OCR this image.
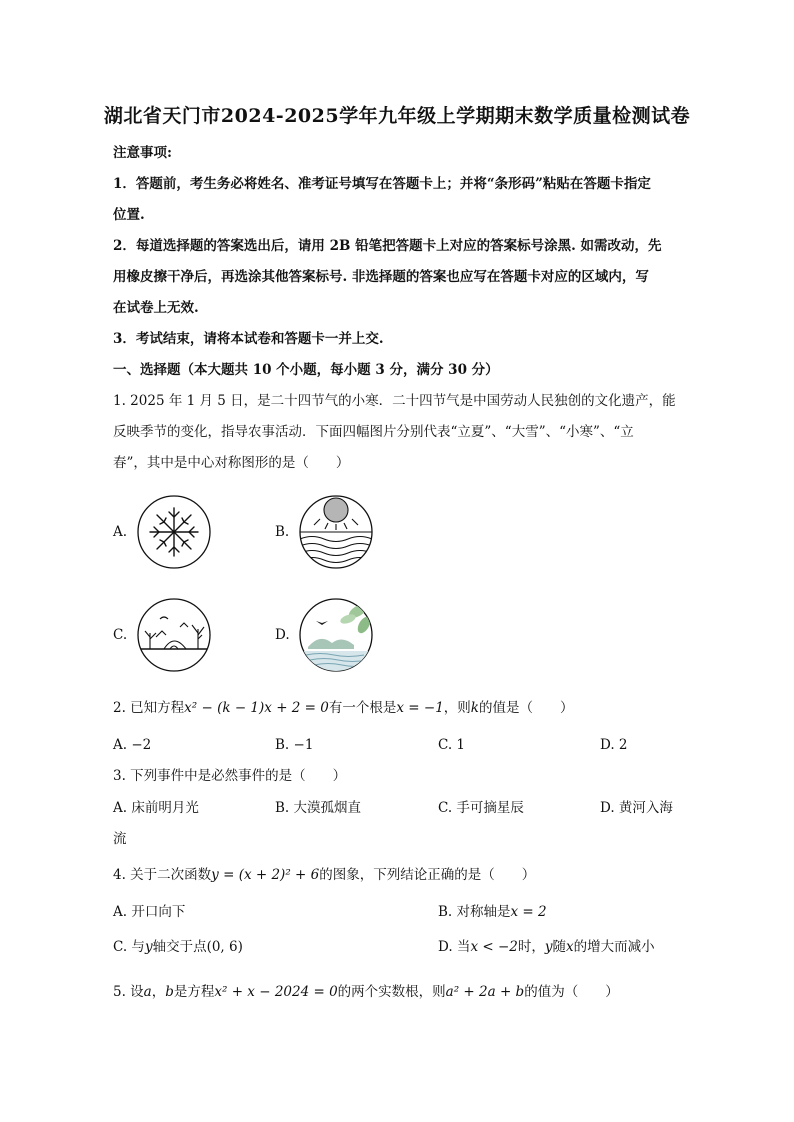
湖北省天门市2024-2025学年九年级上学期期末数学质量检测试卷
注意事项:
1．答题前，考生务必将姓名、准考证号填写在答题卡上；并将“条形码”粘贴在答题卡指定
位置.
2．每道选择题的答案选出后，请用 2B 铅笔把答题卡上对应的答案标号涂黑. 如需改动，先
用橡皮擦干净后，再选涂其他答案标号. 非选择题的答案也应写在答题卡对应的区域内，写
在试卷上无效.
3．考试结束，请将本试卷和答题卡一并上交.
一、选择题（本大题共 10 个小题，每小题 3 分，满分 30 分）
1. 2025 年 1 月 5 日，是二十四节气的小寒．二十四节气是中国劳动人民独创的文化遗产，能
反映季节的变化，指导农事活动．下面四幅图片分别代表“立夏”、“大雪”、“小寒”、“立
春”，其中是中心对称图形的是（　　）
A.	B.
C.	D.
2. 已知方程x² − (k − 1)x + 2 = 0有一个根是x = −1，则k的值是（　　）
A. −2	B. −1	C. 1	D. 2
3. 下列事件中是必然事件的是（　　）
A. 床前明月光	B. 大漠孤烟直	C. 手可摘星辰	D. 黄河入海
流
4. 关于二次函数y = (x + 2)² + 6的图象，下列结论正确的是（　　）
A. 开口向下	B. 对称轴是x = 2
C. 与y轴交于点(0, 6)	D. 当x < −2时，y随x的增大而减小
5. 设a，b是方程x² + x − 2024 = 0的两个实数根，则a² + 2a + b的值为（　　）
